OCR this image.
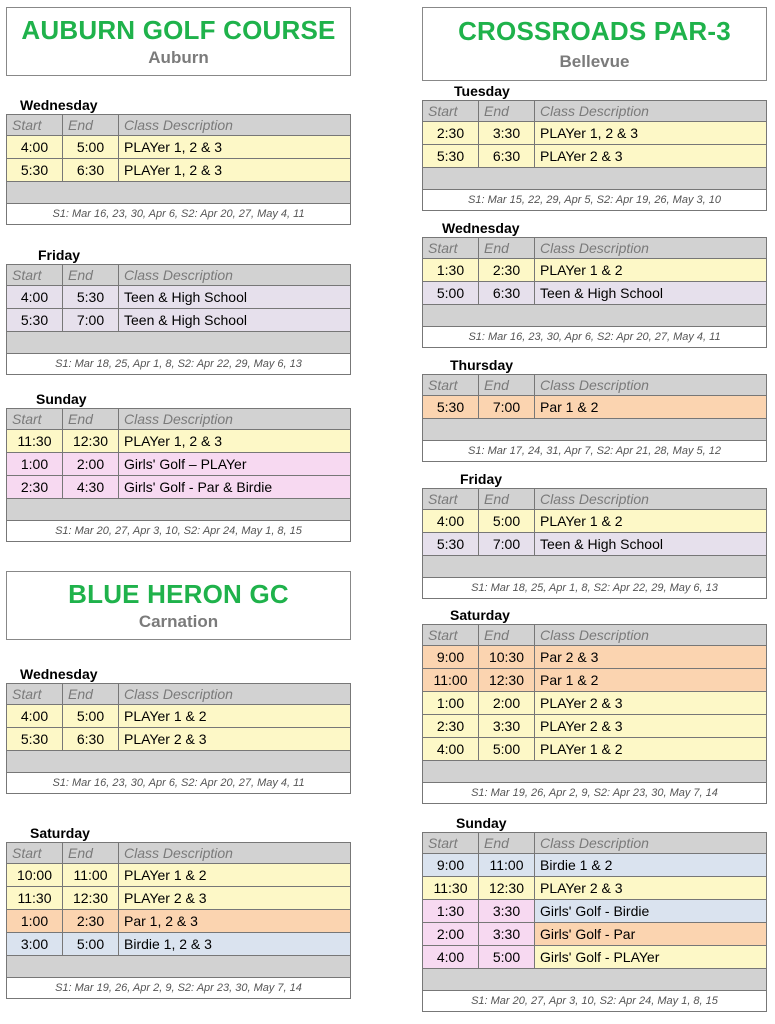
AUBURN GOLF COURSE
Auburn
Wednesday
Start	End	Class Description
4:00	5:00	PLAYer 1, 2 & 3
5:30	6:30	PLAYer 1, 2 & 3

S1: Mar 16, 23, 30, Apr 6, S2: Apr 20, 27, May 4, 11		
Friday
Start	End	Class Description
4:00	5:30	Teen & High School
5:30	7:00	Teen & High School

S1: Mar 18, 25, Apr 1, 8, S2: Apr 22, 29, May 6, 13		
Sunday
Start	End	Class Description
11:30	12:30	PLAYer 1, 2 & 3
1:00	2:00	Girls' Golf – PLAYer
2:30	4:30	Girls' Golf - Par & Birdie

S1: Mar 20, 27, Apr 3, 10, S2: Apr 24, May 1, 8, 15		
BLUE HERON GC
Carnation
Wednesday
Start	End	Class Description
4:00	5:00	PLAYer 1 & 2
5:30	6:30	PLAYer 2 & 3

S1: Mar 16, 23, 30, Apr 6, S2: Apr 20, 27, May 4, 11		
Saturday
Start	End	Class Description
10:00	11:00	PLAYer 1 & 2
11:30	12:30	PLAYer 2 & 3
1:00	2:30	Par 1, 2 & 3
3:00	5:00	Birdie 1, 2 & 3

S1: Mar 19, 26, Apr 2, 9, S2: Apr 23, 30, May 7, 14		
CROSSROADS PAR-3
Bellevue
Tuesday
Start	End	Class Description
2:30	3:30	PLAYer 1, 2 & 3
5:30	6:30	PLAYer 2 & 3

S1: Mar 15, 22, 29, Apr 5, S2: Apr 19, 26, May 3, 10		
Wednesday
Start	End	Class Description
1:30	2:30	PLAYer 1 & 2
5:00	6:30	Teen & High School

S1: Mar 16, 23, 30, Apr 6, S2: Apr 20, 27, May 4, 11		
Thursday
Start	End	Class Description
5:30	7:00	Par 1 & 2

S1: Mar 17, 24, 31, Apr 7, S2: Apr 21, 28, May 5, 12		
Friday
Start	End	Class Description
4:00	5:00	PLAYer 1 & 2
5:30	7:00	Teen & High School

S1: Mar 18, 25, Apr 1, 8, S2: Apr 22, 29, May 6, 13		
Saturday
Start	End	Class Description
9:00	10:30	Par 2 & 3
11:00	12:30	Par 1 & 2
1:00	2:00	PLAYer 2 & 3
2:30	3:30	PLAYer 2 & 3
4:00	5:00	PLAYer 1 & 2

S1: Mar 19, 26, Apr 2, 9, S2: Apr 23, 30, May 7, 14		
Sunday
Start	End	Class Description
9:00	11:00	Birdie 1 & 2
11:30	12:30	PLAYer 2 & 3
1:30	3:30	Girls' Golf - Birdie
2:00	3:30	Girls' Golf - Par
4:00	5:00	Girls' Golf - PLAYer

S1: Mar 20, 27, Apr 3, 10, S2: Apr 24, May 1, 8, 15		
